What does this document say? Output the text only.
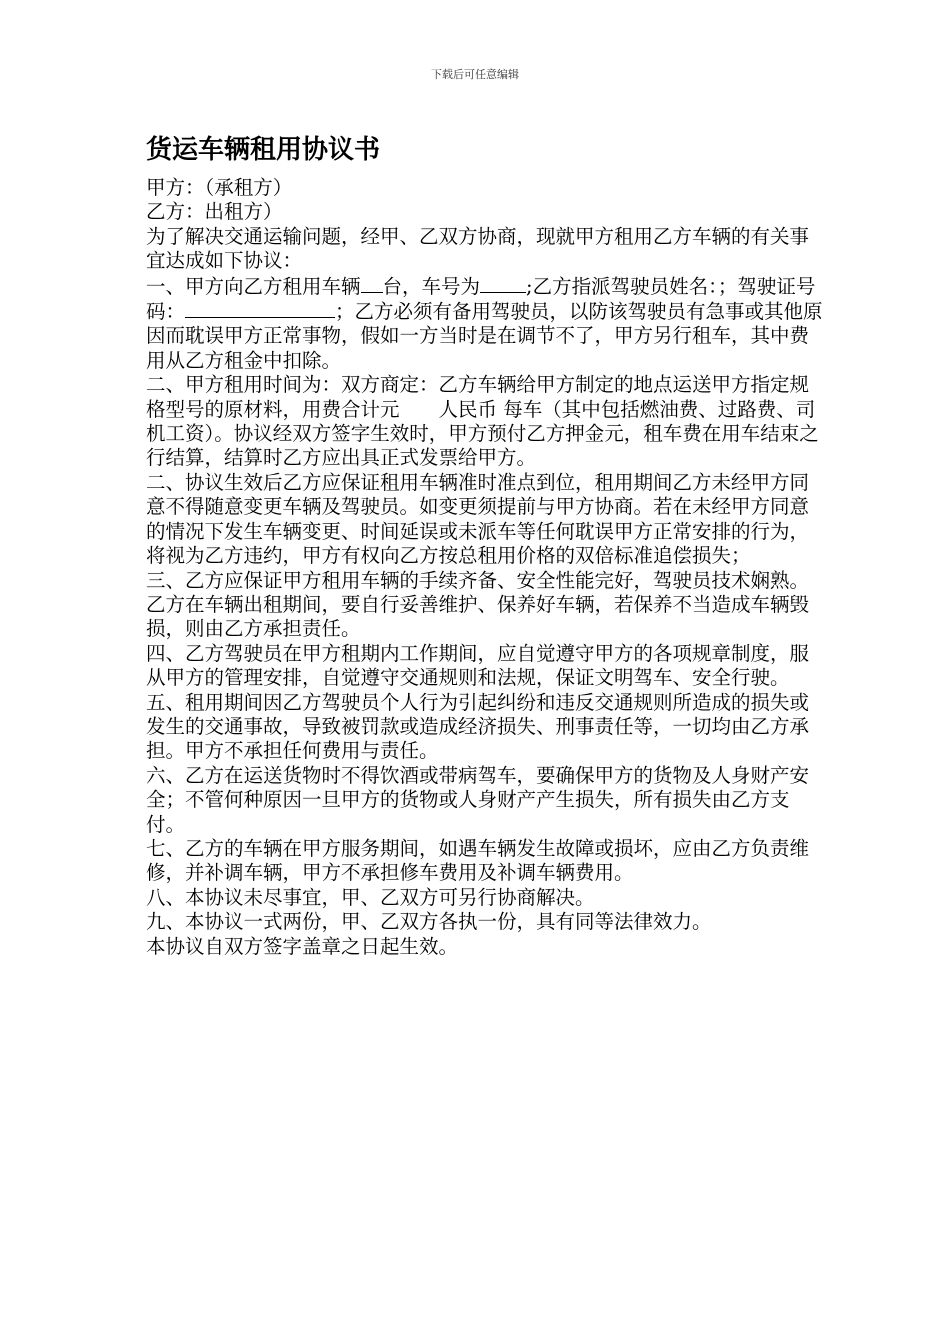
下载后可任意编辑
货运车辆租用协议书

甲方：（承租方）

乙方：出租方）

为了解决交通运输问题，经甲、乙双方协商，现就甲方租用乙方车辆的有关事宜达成如下协议：

一、甲方向乙方租用车辆 台，车号为 ;乙方指派驾驶员姓名：；驾驶证号码：	；乙方必须有备用驾驶员，以防该驾驶员有急事或其他原因而耽误甲方正常事物，假如一方当时是在调节不了，甲方另行租车，其中费用从乙方租金中扣除。

二、甲方租用时间为：双方商定：乙方车辆给甲方制定的地点运送甲方指定规格型号的原材料，用费合计元　　人民币 每车（其中包括燃油费、过路费、司机工资）。协议经双方签字生效时，甲方预付乙方押金元，租车费在用车结束之行结算，结算时乙方应出具正式发票给甲方。

二、协议生效后乙方应保证租用车辆准时准点到位，租用期间乙方未经甲方同意不得随意变更车辆及驾驶员。如变更须提前与甲方协商。若在未经甲方同意的情况下发生车辆变更、时间延误或未派车等任何耽误甲方正常安排的行为，将视为乙方违约，甲方有权向乙方按总租用价格的双倍标准追偿损失；

三、乙方应保证甲方租用车辆的手续齐备、安全性能完好，驾驶员技术娴熟。乙方在车辆出租期间，要自行妥善维护、保养好车辆，若保养不当造成车辆毁损，则由乙方承担责任。

四、乙方驾驶员在甲方租期内工作期间，应自觉遵守甲方的各项规章制度，服从甲方的管理安排，自觉遵守交通规则和法规，保证文明驾车、安全行驶。

五、租用期间因乙方驾驶员个人行为引起纠纷和违反交通规则所造成的损失或发生的交通事故，导致被罚款或造成经济损失、刑事责任等，一切均由乙方承担。甲方不承担任何费用与责任。

六、乙方在运送货物时不得饮酒或带病驾车，要确保甲方的货物及人身财产安全；不管何种原因一旦甲方的货物或人身财产产生损失，所有损失由乙方支付。

七、乙方的车辆在甲方服务期间，如遇车辆发生故障或损坏，应由乙方负责维修，并补调车辆，甲方不承担修车费用及补调车辆费用。

八、本协议未尽事宜，甲、乙双方可另行协商解决。

九、本协议一式两份，甲、乙双方各执一份，具有同等法律效力。

本协议自双方签字盖章之日起生效。
